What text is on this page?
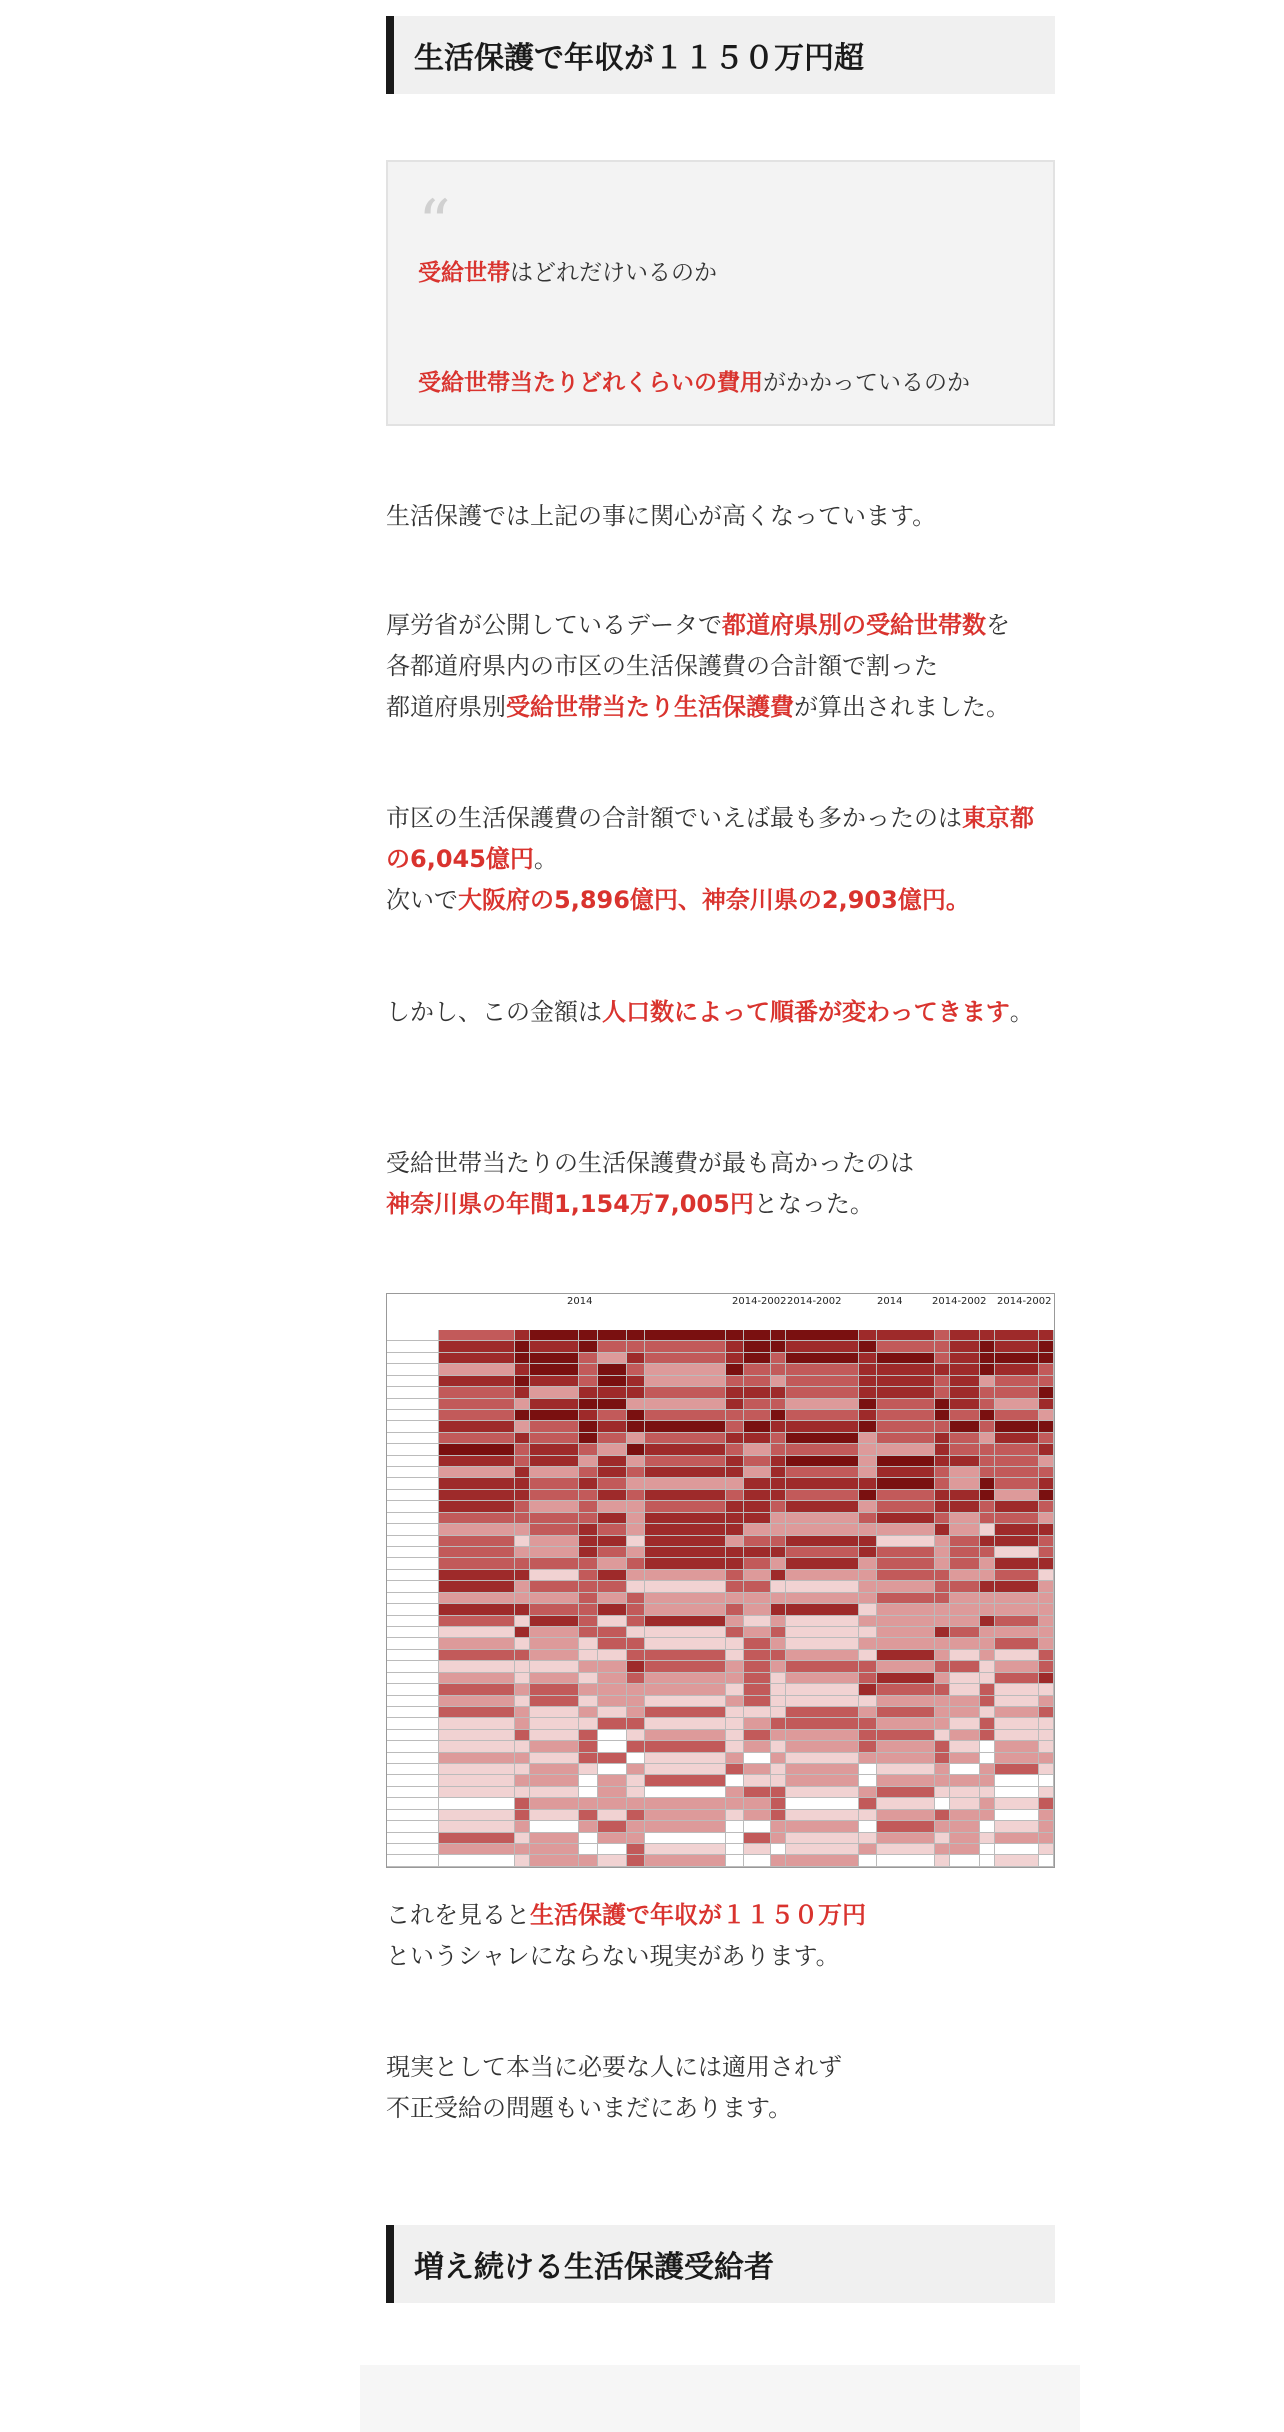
生活保護で年収が１１５０万円超
“
受給世帯はどれだけいるのか
受給世帯当たりどれくらいの費用がかかっているのか

生活保護では上記の事に関心が高くなっています。

厚労省が公開しているデータで都道府県別の受給世帯数を

各都道府県内の市区の生活保護費の合計額で割った

都道府県別受給世帯当たり生活保護費が算出されました。

市区の生活保護費の合計額でいえば最も多かったのは東京都の6,045億円。

次いで大阪府の5,896億円、神奈川県の2,903億円。

しかし、この金額は人口数によって順番が変わってきます。

受給世帯当たりの生活保護費が最も高かったのは

神奈川県の年間1,154万7,005円となった。

2014	2014-2002 2014-2002	2014	2014-2002 2014-2002

これを見ると生活保護で年収が１１５０万円

というシャレにならない現実があります。

現実として本当に必要な人には適用されず

不正受給の問題もいまだにあります。

増え続ける生活保護受給者
